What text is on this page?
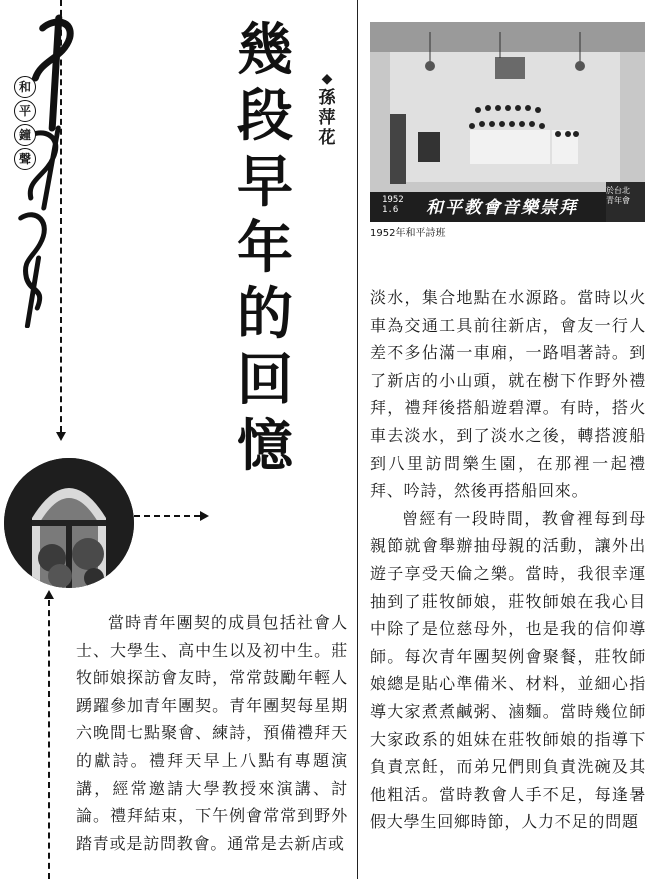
和
平
鐘
聲
幾段早年的回憶
◆
孫萍花
1952 1.6	和平教會音樂崇拜
於台北 青年會
1952年和平詩班

當時青年團契的成員包括社會人士、大學生、高中生以及初中生。莊牧師娘探訪會友時，常常鼓勵年輕人踴躍參加青年團契。青年團契每星期六晚間七點聚會、練詩，預備禮拜天的獻詩。禮拜天早上八點有專題演講，經常邀請大學教授來演講、討論。禮拜結束，下午例會常常到野外踏青或是訪問教會。通常是去新店或

淡水，集合地點在水源路。當時以火車為交通工具前往新店，會友一行人差不多佔滿一車廂，一路唱著詩。到了新店的小山頭，就在樹下作野外禮拜，禮拜後搭船遊碧潭。有時，搭火車去淡水，到了淡水之後，轉搭渡船到八里訪問樂生園，在那裡一起禮拜、吟詩，然後再搭船回來。

曾經有一段時間，教會裡每到母親節就會舉辦抽母親的活動，讓外出遊子享受天倫之樂。當時，我很幸運抽到了莊牧師娘，莊牧師娘在我心目中除了是位慈母外，也是我的信仰導師。每次青年團契例會聚餐，莊牧師娘總是貼心準備米、材料，並細心指導大家煮煮鹹粥、滷麵。當時幾位師大家政系的姐妹在莊牧師娘的指導下負責烹飪，而弟兄們則負責洗碗及其他粗活。當時教會人手不足，每逢暑假大學生回鄉時節，人力不足的問題
